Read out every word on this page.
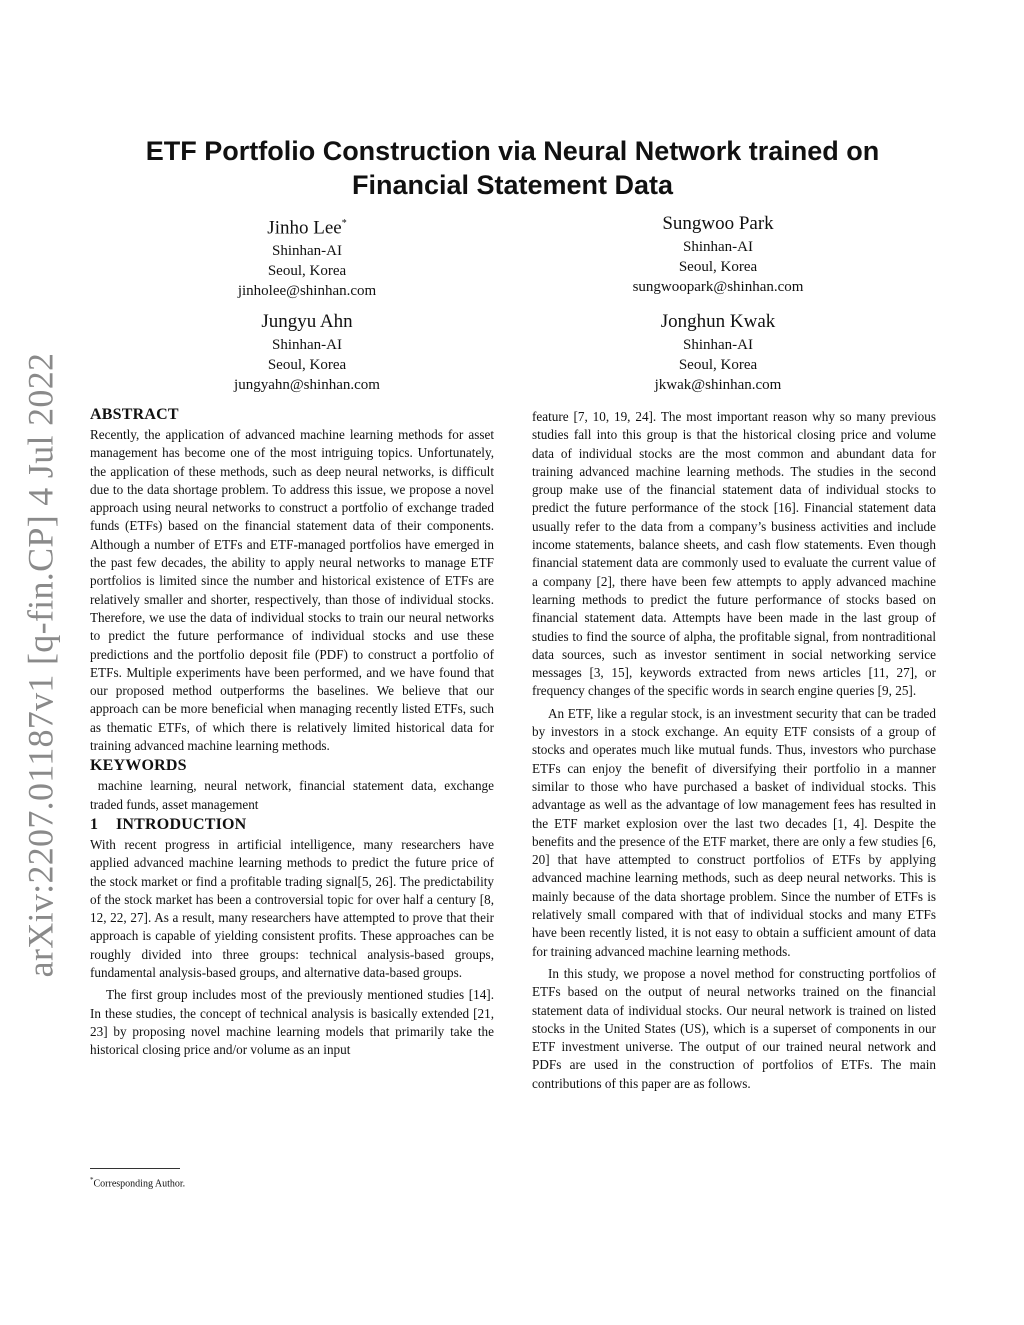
arXiv:2207.01187v1 [q-fin.CP] 4 Jul 2022
ETF Portfolio Construction via Neural Network trained on Financial Statement Data
Jinho Lee*
Shinhan-AI
Seoul, Korea
jinholee@shinhan.com
Sungwoo Park
Shinhan-AI
Seoul, Korea
sungwoopark@shinhan.com
Jungyu Ahn
Shinhan-AI
Seoul, Korea
jungyahn@shinhan.com
Jonghun Kwak
Shinhan-AI
Seoul, Korea
jkwak@shinhan.com
ABSTRACT

Recently, the application of advanced machine learning methods for asset management has become one of the most intriguing topics. Unfortunately, the application of these methods, such as deep neural networks, is difficult due to the data shortage problem. To address this issue, we propose a novel approach using neural networks to construct a portfolio of exchange traded funds (ETFs) based on the financial statement data of their components. Although a number of ETFs and ETF-managed portfolios have emerged in the past few decades, the ability to apply neural networks to manage ETF portfolios is limited since the number and historical existence of ETFs are relatively smaller and shorter, respectively, than those of individual stocks. Therefore, we use the data of individual stocks to train our neural networks to predict the future performance of individual stocks and use these predictions and the portfolio deposit file (PDF) to construct a portfolio of ETFs. Multiple experiments have been performed, and we have found that our proposed method outperforms the baselines. We believe that our approach can be more beneficial when managing recently listed ETFs, such as thematic ETFs, of which there is relatively limited historical data for training advanced machine learning methods.

KEYWORDS

machine learning, neural network, financial statement data, exchange traded funds, asset management

1 INTRODUCTION

With recent progress in artificial intelligence, many researchers have applied advanced machine learning methods to predict the future price of the stock market or find a profitable trading signal[5, 26]. The predictability of the stock market has been a controversial topic for over half a century [8, 12, 22, 27]. As a result, many researchers have attempted to prove that their approach is capable of yielding consistent profits. These approaches can be roughly divided into three groups: technical analysis-based groups, fundamental analysis-based groups, and alternative data-based groups.

The first group includes most of the previously mentioned studies [14]. In these studies, the concept of technical analysis is basically extended [21, 23] by proposing novel machine learning models that primarily take the historical closing price and/or volume as an input

feature [7, 10, 19, 24]. The most important reason why so many previous studies fall into this group is that the historical closing price and volume data of individual stocks are the most common and abundant data for training advanced machine learning methods. The studies in the second group make use of the financial statement data of individual stocks to predict the future performance of the stock [16]. Financial statement data usually refer to the data from a company’s business activities and include income statements, balance sheets, and cash flow statements. Even though financial statement data are commonly used to evaluate the current value of a company [2], there have been few attempts to apply advanced machine learning methods to predict the future performance of stocks based on financial statement data. Attempts have been made in the last group of studies to find the source of alpha, the profitable signal, from nontraditional data sources, such as investor sentiment in social networking service messages [3, 15], keywords extracted from news articles [11, 27], or frequency changes of the specific words in search engine queries [9, 25].

An ETF, like a regular stock, is an investment security that can be traded by investors in a stock exchange. An equity ETF consists of a group of stocks and operates much like mutual funds. Thus, investors who purchase ETFs can enjoy the benefit of diversifying their portfolio in a manner similar to those who have purchased a basket of individual stocks. This advantage as well as the advantage of low management fees has resulted in the ETF market explosion over the last two decades [1, 4]. Despite the benefits and the presence of the ETF market, there are only a few studies [6, 20] that have attempted to construct portfolios of ETFs by applying advanced machine learning methods, such as deep neural networks. This is mainly because of the data shortage problem. Since the number of ETFs is relatively small compared with that of individual stocks and many ETFs have been recently listed, it is not easy to obtain a sufficient amount of data for training advanced machine learning methods.

In this study, we propose a novel method for constructing portfolios of ETFs based on the output of neural networks trained on the financial statement data of individual stocks. Our neural network is trained on listed stocks in the United States (US), which is a superset of components in our ETF investment universe. The output of our trained neural network and PDFs are used in the construction of portfolios of ETFs. The main contributions of this paper are as follows.

*Corresponding Author.
